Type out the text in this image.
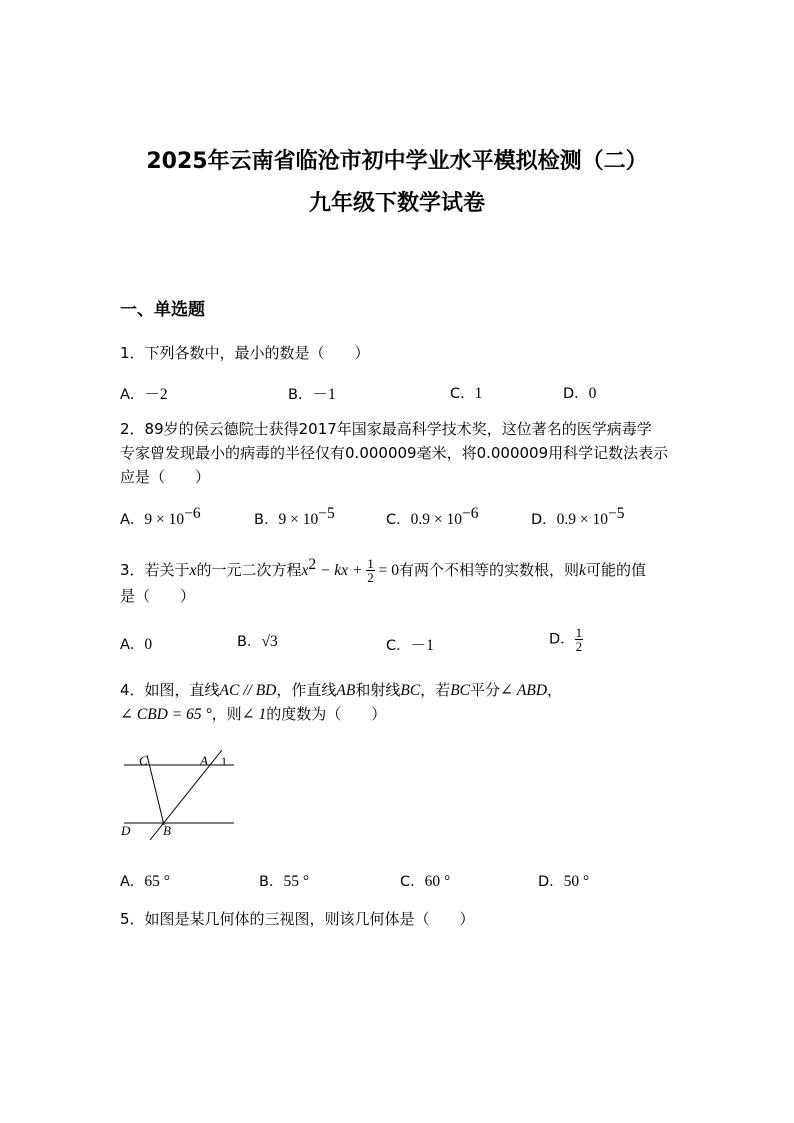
2025年云南省临沧市初中学业水平模拟检测（二）
九年级下数学试卷
一、单选题
1．下列各数中，最小的数是（　　）
A．－2	B．－1	C．1	D．0
2．89岁的侯云德院士获得2017年国家最高科学技术奖，这位著名的医学病毒学
专家曾发现最小的病毒的半径仅有0.000009毫米，将0.000009用科学记数法表示
应是（　　）
A．$9 \times 10^{-6}$	B．$9 \times 10^{-5}$	C．$0.9 \times 10^{-6}$	D．$0.9 \times 10^{-5}$
3．若关于x的一元二次方程$x^2$ − kx + $\frac{1}{2} = 0$有两个不相等的实数根，则k可能的值
是（　　）
A．0	B．√3	C．－1	D． $\frac{1}{2}$
4．如图，直线AC // BD，作直线AB和射线BC，若BC平分∠ ABD，
∠ CBD = 65 °，则∠ 1的度数为（　　）
C	A 1
D	B
A．65 °	B．55 °	C．60 °	D．50 °
5．如图是某几何体的三视图，则该几何体是（　　）
